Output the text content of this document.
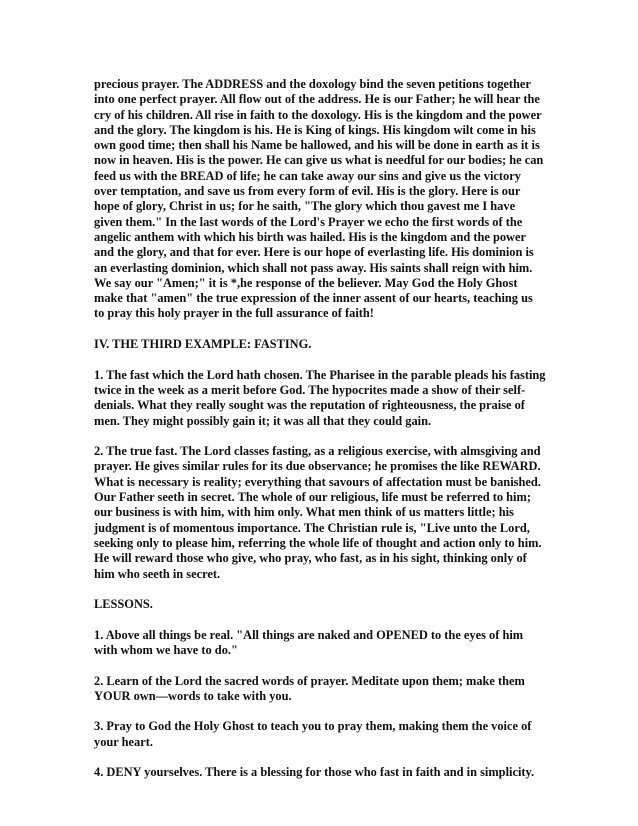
precious prayer. The ADDRESS and the doxology bind the seven petitions together into one perfect prayer. All flow out of the address. He is our Father; he will hear the cry of his children. All rise in faith to the doxology. His is the kingdom and the power and the glory. The kingdom is his. He is King of kings. His kingdom wilt come in his own good time; then shall his Name be hallowed, and his will be done in earth as it is now in heaven. His is the power. He can give us what is needful for our bodies; he can feed us with the BREAD of life; he can take away our sins and give us the victory over temptation, and save us from every form of evil. His is the glory. Here is our hope of glory, Christ in us; for he saith, "The glory which thou gavest me I have given them." In the last words of the Lord's Prayer we echo the first words of the angelic anthem with which his birth was hailed. His is the kingdom and the power and the glory, and that for ever. Here is our hope of everlasting life. His dominion is an everlasting dominion, which shall not pass away. His saints shall reign with him. We say our "Amen;" it is *,he response of the believer. May God the Holy Ghost make that "amen" the true expression of the inner assent of our hearts, teaching us to pray this holy prayer in the full assurance of faith!

IV. THE THIRD EXAMPLE: FASTING.

1. The fast which the Lord hath chosen. The Pharisee in the parable pleads his fasting twice in the week as a merit before God. The hypocrites made a show of their self-denials. What they really sought was the reputation of righteousness, the praise of men. They might possibly gain it; it was all that they could gain.

2. The true fast. The Lord classes fasting, as a religious exercise, with almsgiving and prayer. He gives similar rules for its due observance; he promises the like REWARD. What is necessary is reality; everything that savours of affectation must be banished. Our Father seeth in secret. The whole of our religious, life must be referred to him; our business is with him, with him only. What men think of us matters little; his judgment is of momentous importance. The Christian rule is, "Live unto the Lord, seeking only to please him, referring the whole life of thought and action only to him. He will reward those who give, who pray, who fast, as in his sight, thinking only of him who seeth in secret.

LESSONS.

1. Above all things be real. "All things are naked and OPENED to the eyes of him with whom we have to do."

2. Learn of the Lord the sacred words of prayer. Meditate upon them; make them YOUR own—words to take with you.

3. Pray to God the Holy Ghost to teach you to pray them, making them the voice of your heart.

4. DENY yourselves. There is a blessing for those who fast in faith and in simplicity.
